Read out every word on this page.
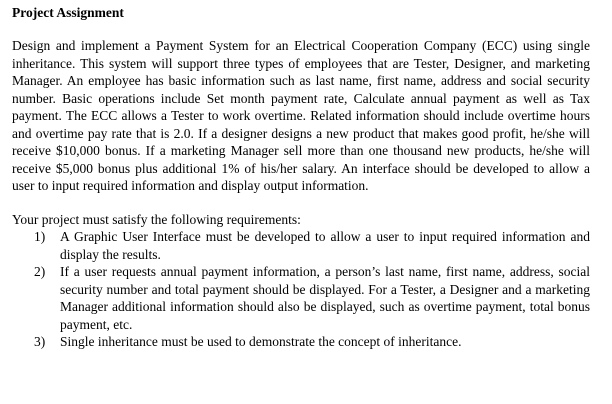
Project Assignment

Design and implement a Payment System for an Electrical Cooperation Company (ECC) using single inheritance. This system will support three types of employees that are Tester, Designer, and marketing Manager. An employee has basic information such as last name, first name, address and social security number. Basic operations include Set month payment rate, Calculate annual payment as well as Tax payment. The ECC allows a Tester to work overtime. Related information should include overtime hours and overtime pay rate that is 2.0. If a designer designs a new product that makes good profit, he/she will receive $10,000 bonus. If a marketing Manager sell more than one thousand new products, he/she will receive $5,000 bonus plus additional 1% of his/her salary. An interface should be developed to allow a user to input required information and display output information.

Your project must satisfy the following requirements:

1) A Graphic User Interface must be developed to allow a user to input required information and display the results.
2) If a user requests annual payment information, a person’s last name, first name, address, social security number and total payment should be displayed. For a Tester, a Designer and a marketing Manager additional information should also be displayed, such as overtime payment, total bonus payment, etc.
3) Single inheritance must be used to demonstrate the concept of inheritance.
